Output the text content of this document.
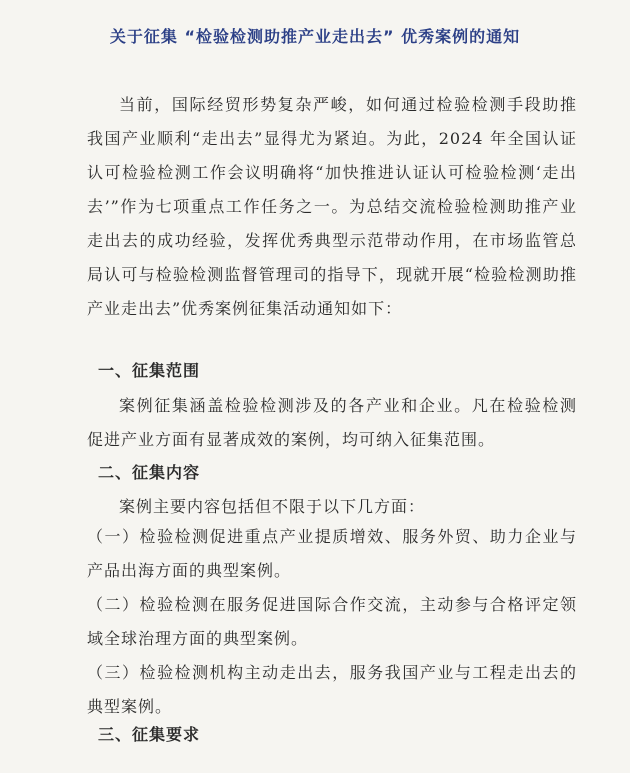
关于征集 “检验检测助推产业走出去” 优秀案例的通知

当前，国际经贸形势复杂严峻，如何通过检验检测手段助推我国产业顺利“走出去”显得尤为紧迫。为此，2024 年全国认证认可检验检测工作会议明确将“加快推进认证认可检验检测‘走出去’”作为七项重点工作任务之一。为总结交流检验检测助推产业走出去的成功经验，发挥优秀典型示范带动作用，在市场监管总局认可与检验检测监督管理司的指导下，现就开展“检验检测助推产业走出去”优秀案例征集活动通知如下：

一、征集范围

案例征集涵盖检验检测涉及的各产业和企业。凡在检验检测促进产业方面有显著成效的案例，均可纳入征集范围。

二、征集内容

案例主要内容包括但不限于以下几方面：

（一）检验检测促进重点产业提质增效、服务外贸、助力企业与产品出海方面的典型案例。

（二）检验检测在服务促进国际合作交流，主动参与合格评定领域全球治理方面的典型案例。

（三）检验检测机构主动走出去，服务我国产业与工程走出去的典型案例。

三、征集要求
